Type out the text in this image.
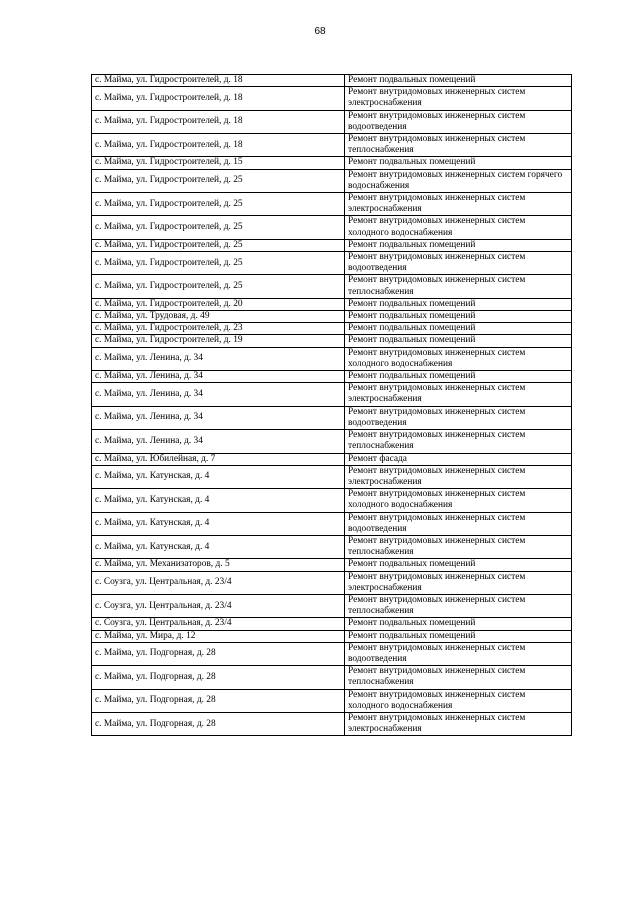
68
с. Майма, ул. Гидростроителей, д. 18	Ремонт подвальных помещений
с. Майма, ул. Гидростроителей, д. 18	Ремонт внутридомовых инженерных систем электроснабжения
с. Майма, ул. Гидростроителей, д. 18	Ремонт внутридомовых инженерных систем водоотведения
с. Майма, ул. Гидростроителей, д. 18	Ремонт внутридомовых инженерных систем теплоснабжения
с. Майма, ул. Гидростроителей, д. 15	Ремонт подвальных помещений
с. Майма, ул. Гидростроителей, д. 25	Ремонт внутридомовых инженерных систем горячего водоснабжения
с. Майма, ул. Гидростроителей, д. 25	Ремонт внутридомовых инженерных систем электроснабжения
с. Майма, ул. Гидростроителей, д. 25	Ремонт внутридомовых инженерных систем холодного водоснабжения
с. Майма, ул. Гидростроителей, д. 25	Ремонт подвальных помещений
с. Майма, ул. Гидростроителей, д. 25	Ремонт внутридомовых инженерных систем водоотведения
с. Майма, ул. Гидростроителей, д. 25	Ремонт внутридомовых инженерных систем теплоснабжения
с. Майма, ул. Гидростроителей, д. 20	Ремонт подвальных помещений
с. Майма, ул. Трудовая, д. 49	Ремонт подвальных помещений
с. Майма, ул. Гидростроителей, д. 23	Ремонт подвальных помещений
с. Майма, ул. Гидростроителей, д. 19	Ремонт подвальных помещений
с. Майма, ул. Ленина, д. 34	Ремонт внутридомовых инженерных систем холодного водоснабжения
с. Майма, ул. Ленина, д. 34	Ремонт подвальных помещений
с. Майма, ул. Ленина, д. 34	Ремонт внутридомовых инженерных систем электроснабжения
с. Майма, ул. Ленина, д. 34	Ремонт внутридомовых инженерных систем водоотведения
с. Майма, ул. Ленина, д. 34	Ремонт внутридомовых инженерных систем теплоснабжения
с. Майма, ул. Юбилейная, д. 7	Ремонт фасада
с. Майма, ул. Катунская, д. 4	Ремонт внутридомовых инженерных систем электроснабжения
с. Майма, ул. Катунская, д. 4	Ремонт внутридомовых инженерных систем холодного водоснабжения
с. Майма, ул. Катунская, д. 4	Ремонт внутридомовых инженерных систем водоотведения
с. Майма, ул. Катунская, д. 4	Ремонт внутридомовых инженерных систем теплоснабжения
с. Майма, ул. Механизаторов, д. 5	Ремонт подвальных помещений
с. Соузга, ул. Центральная, д. 23/4	Ремонт внутридомовых инженерных систем электроснабжения
с. Соузга, ул. Центральная, д. 23/4	Ремонт внутридомовых инженерных систем теплоснабжения
с. Соузга, ул. Центральная, д. 23/4	Ремонт подвальных помещений
с. Майма, ул. Мира, д. 12	Ремонт подвальных помещений
с. Майма, ул. Подгорная, д. 28	Ремонт внутридомовых инженерных систем водоотведения
с. Майма, ул. Подгорная, д. 28	Ремонт внутридомовых инженерных систем теплоснабжения
с. Майма, ул. Подгорная, д. 28	Ремонт внутридомовых инженерных систем холодного водоснабжения
с. Майма, ул. Подгорная, д. 28	Ремонт внутридомовых инженерных систем электроснабжения
